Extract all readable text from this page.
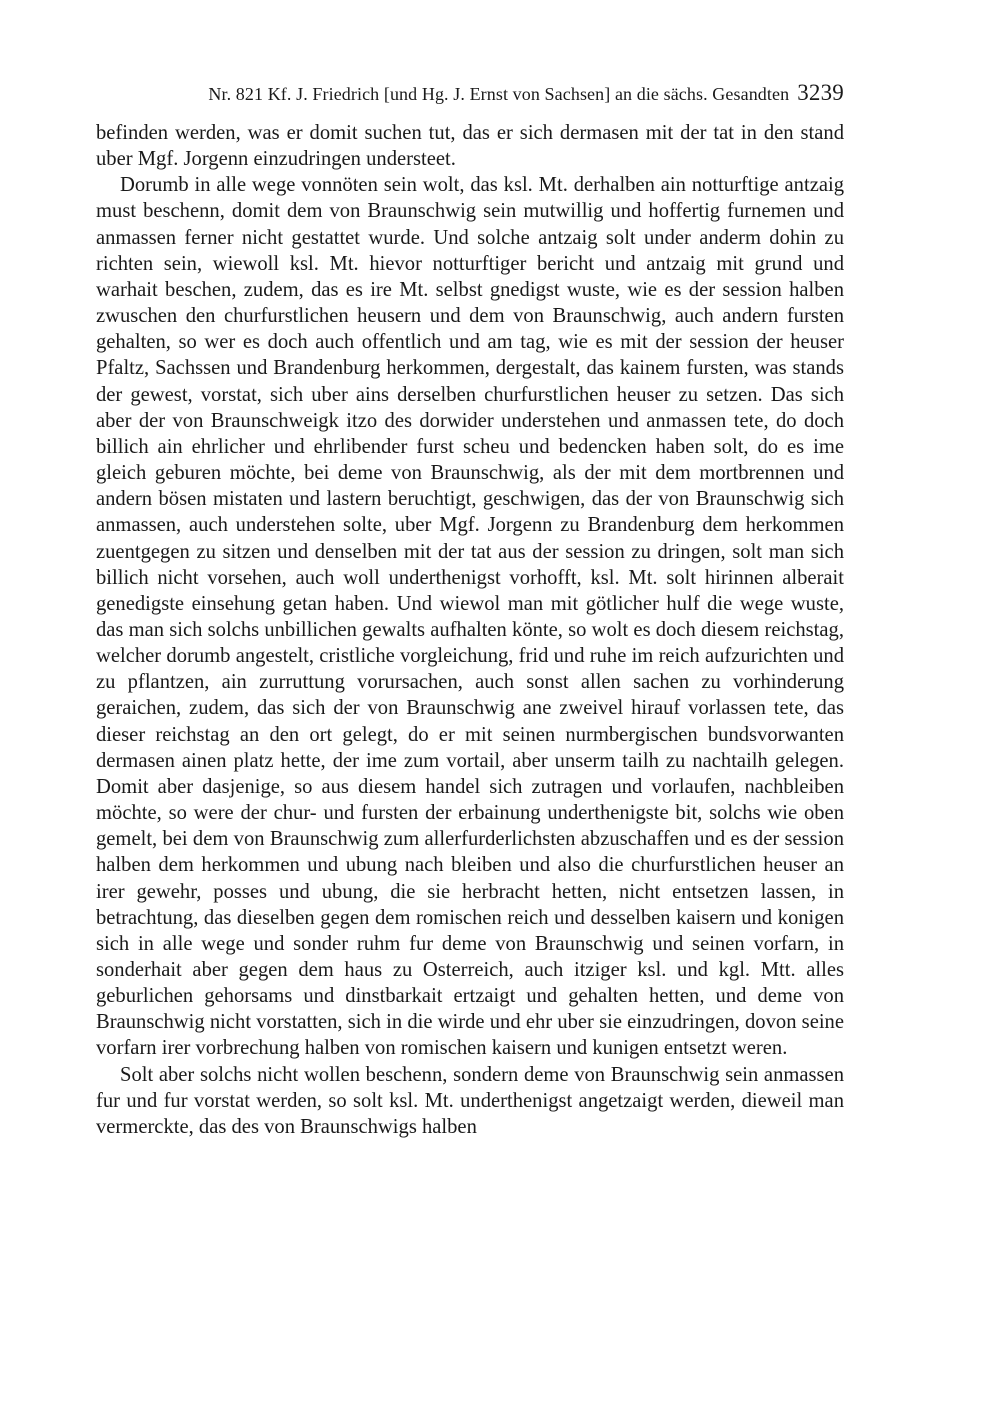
Nr. 821 Kf. J. Friedrich [und Hg. J. Ernst von Sachsen] an die sächs. Gesandten 3239

befinden werden, was er domit suchen tut, das er sich dermasen mit der tat in den stand uber Mgf. Jorgenn einzudringen understeet.

Dorumb in alle wege vonnöten sein wolt, das ksl. Mt. derhalben ain notturftige antzaig must beschenn, domit dem von Braunschwig sein mutwillig und hoffertig furnemen und anmassen ferner nicht gestattet wurde. Und solche antzaig solt under anderm dohin zu richten sein, wiewoll ksl. Mt. hievor notturftiger bericht und antzaig mit grund und warhait beschen, zudem, das es ire Mt. selbst gnedigst wuste, wie es der session halben zwuschen den churfurstlichen heusern und dem von Braunschwig, auch andern fursten gehalten, so wer es doch auch offentlich und am tag, wie es mit der session der heuser Pfaltz, Sachssen und Brandenburg herkommen, dergestalt, das kainem fursten, was stands der gewest, vorstat, sich uber ains derselben churfurstlichen heuser zu setzen. Das sich aber der von Braunschweigk itzo des dorwider understehen und anmassen tete, do doch billich ain ehrlicher und ehrlibender furst scheu und bedencken haben solt, do es ime gleich geburen möchte, bei deme von Braunschwig, als der mit dem mortbrennen und andern bösen mistaten und lastern beruchtigt, geschwigen, das der von Braunschwig sich anmassen, auch understehen solte, uber Mgf. Jorgenn zu Brandenburg dem herkommen zuentgegen zu sitzen und denselben mit der tat aus der session zu dringen, solt man sich billich nicht vorsehen, auch woll underthenigst vorhofft, ksl. Mt. solt hirinnen alberait genedigste einsehung getan haben. Und wiewol man mit götlicher hulf die wege wuste, das man sich solchs unbillichen gewalts aufhalten könte, so wolt es doch diesem reichstag, welcher dorumb angestelt, cristliche vorgleichung, frid und ruhe im reich aufzurichten und zu pflantzen, ain zurruttung vorursachen, auch sonst allen sachen zu vorhinderung geraichen, zudem, das sich der von Braunschwig ane zweivel hirauf vorlassen tete, das dieser reichstag an den ort gelegt, do er mit seinen nurmbergischen bundsvorwanten dermasen ainen platz hette, der ime zum vortail, aber unserm tailh zu nachtailh gelegen. Domit aber dasjenige, so aus diesem handel sich zutragen und vorlaufen, nachbleiben möchte, so were der chur- und fursten der erbainung underthenigste bit, solchs wie oben gemelt, bei dem von Braunschwig zum allerfurderlichsten abzuschaffen und es der session halben dem herkommen und ubung nach bleiben und also die churfurstlichen heuser an irer gewehr, posses und ubung, die sie herbracht hetten, nicht entsetzen lassen, in betrachtung, das dieselben gegen dem romischen reich und desselben kaisern und konigen sich in alle wege und sonder ruhm fur deme von Braunschwig und seinen vorfarn, in sonderhait aber gegen dem haus zu Osterreich, auch itziger ksl. und kgl. Mtt. alles geburlichen gehorsams und dinstbarkait ertzaigt und gehalten hetten, und deme von Braunschwig nicht vorstatten, sich in die wirde und ehr uber sie einzudringen, dovon seine vorfarn irer vorbrechung halben von romischen kaisern und kunigen entsetzt weren.

Solt aber solchs nicht wollen beschenn, sondern deme von Braunschwig sein anmassen fur und fur vorstat werden, so solt ksl. Mt. underthenigst angetzaigt werden, dieweil man vermerckte, das des von Braunschwigs halben
